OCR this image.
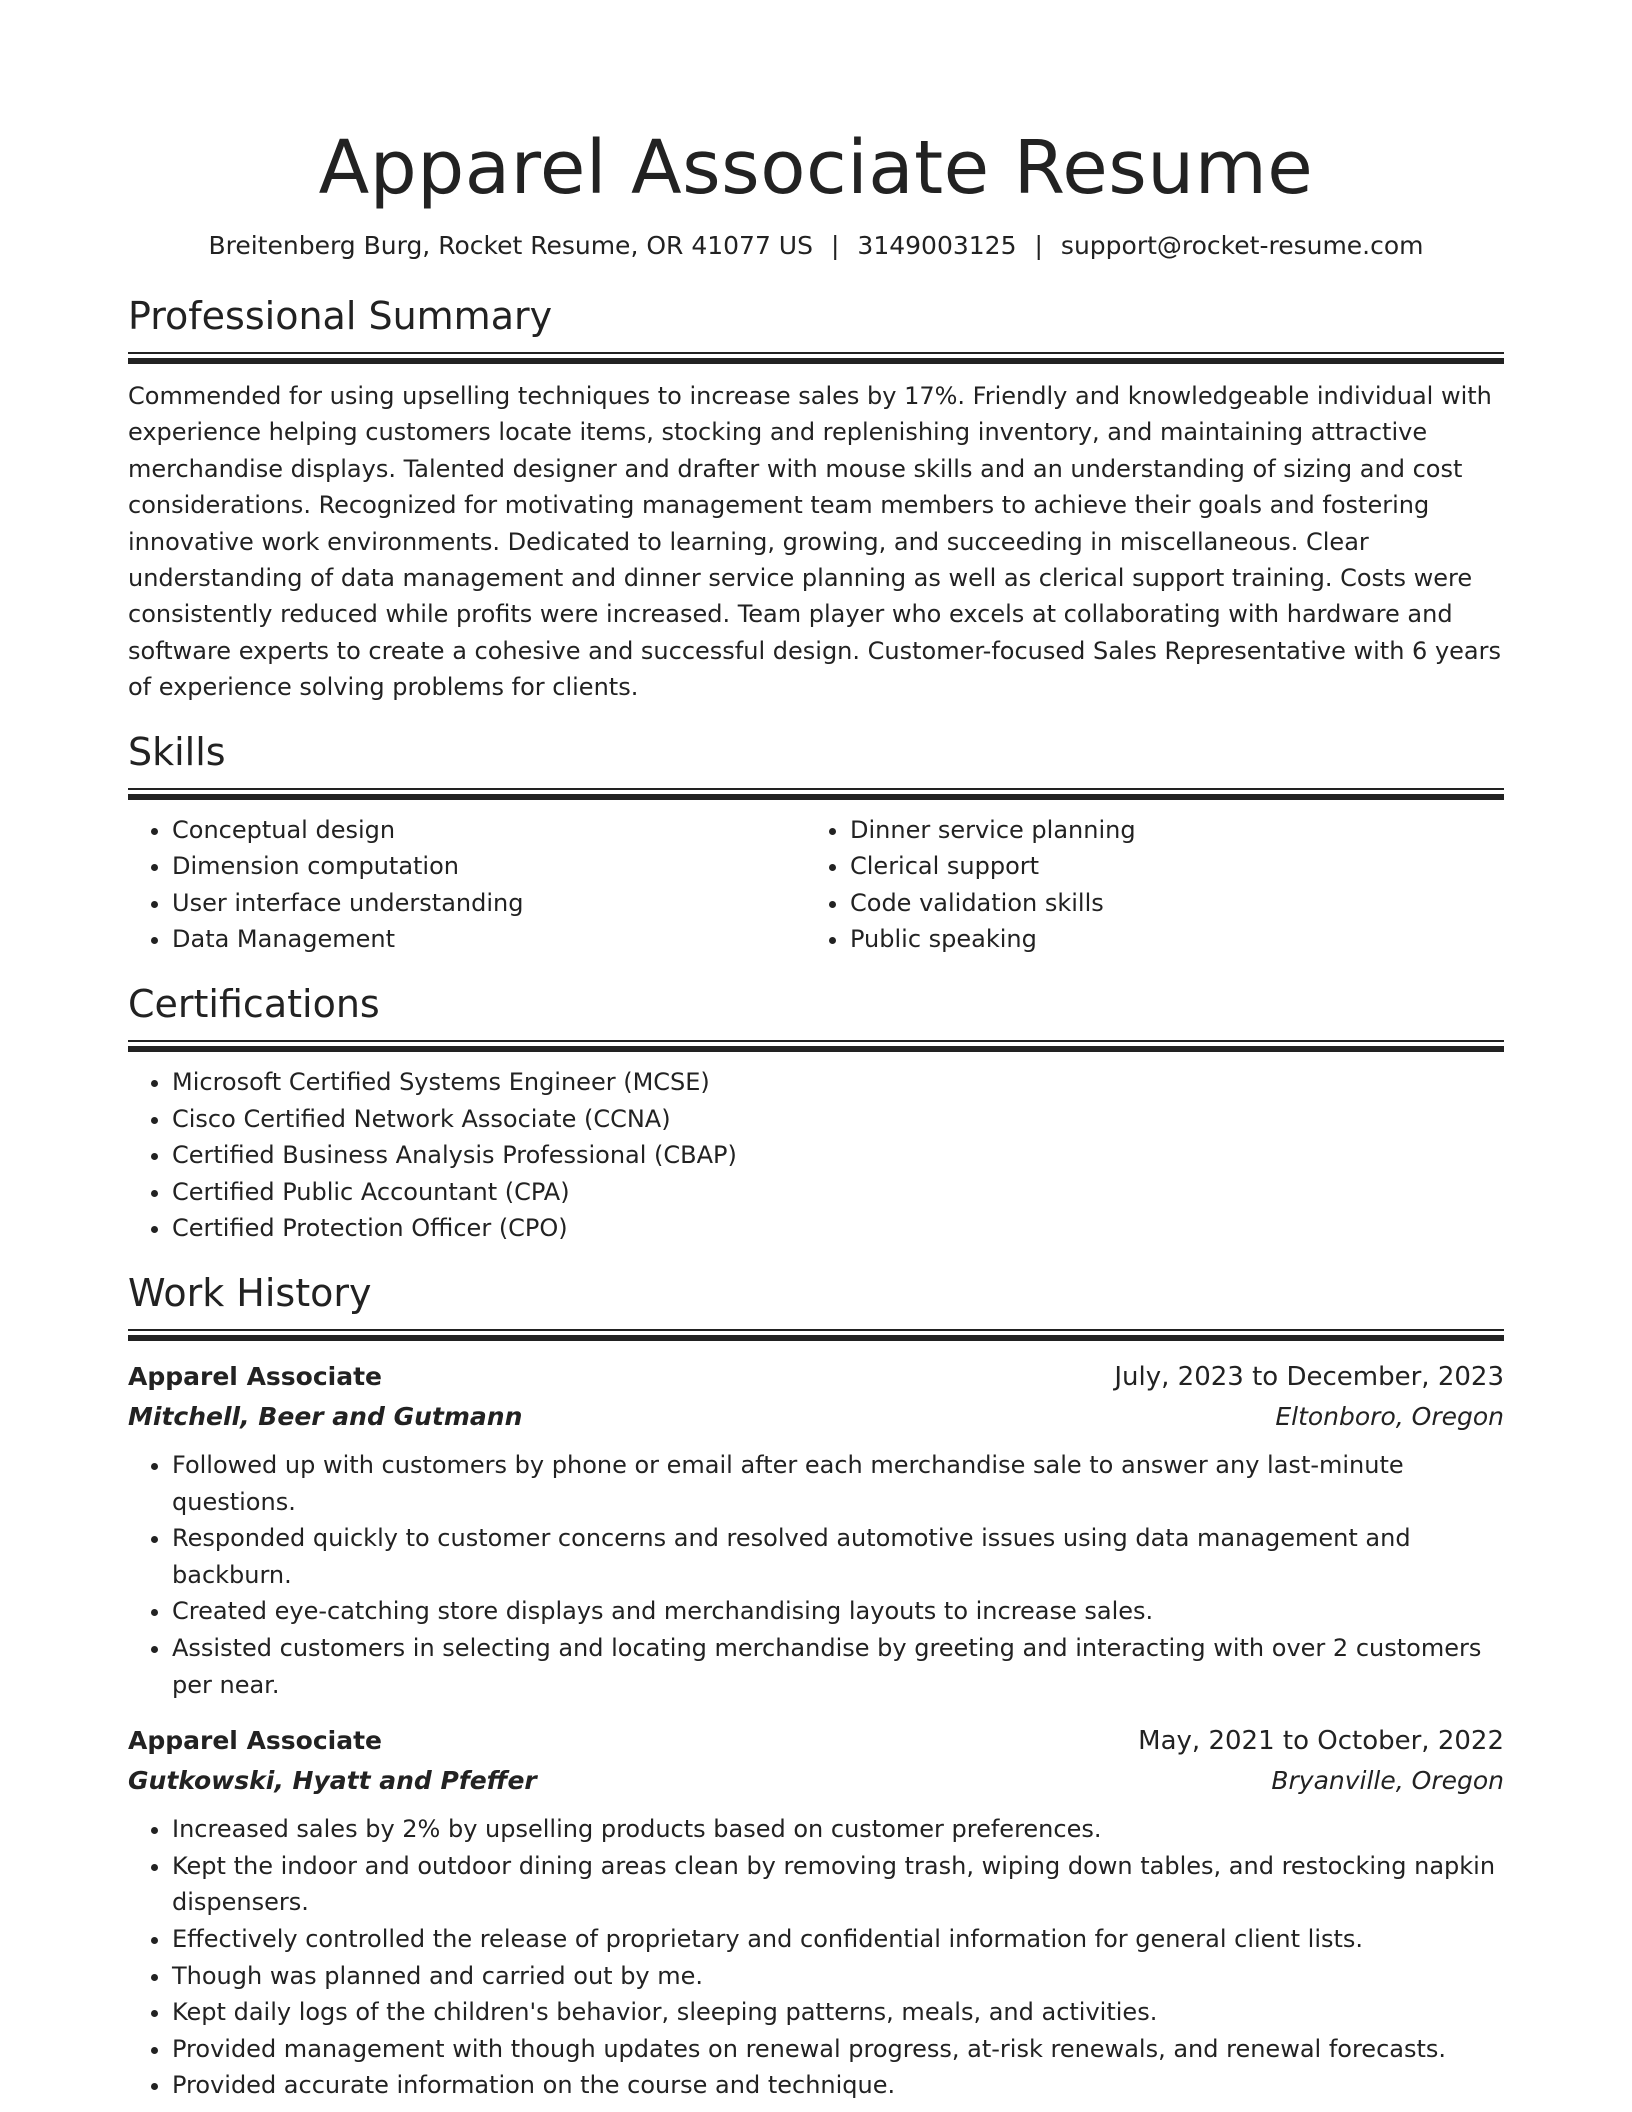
Apparel Associate Resume
Breitenberg Burg, Rocket Resume, OR 41077 US | 3149003125 | support@rocket-resume.com
Professional Summary

Commended for using upselling techniques to increase sales by 17%. Friendly and knowledgeable individual with experience helping customers locate items, stocking and replenishing inventory, and maintaining attractive merchandise displays. Talented designer and drafter with mouse skills and an understanding of sizing and cost considerations. Recognized for motivating management team members to achieve their goals and fostering innovative work environments. Dedicated to learning, growing, and succeeding in miscellaneous. Clear understanding of data management and dinner service planning as well as clerical support training. Costs were consistently reduced while profits were increased. Team player who excels at collaborating with hardware and software experts to create a cohesive and successful design. Customer-focused Sales Representative with 6 years of experience solving problems for clients.

Skills
• Conceptual design
• Dimension computation
• User interface understanding
• Data Management
• Dinner service planning
• Clerical support
• Code validation skills
• Public speaking
Certifications
• Microsoft Certified Systems Engineer (MCSE)
• Cisco Certified Network Associate (CCNA)
• Certified Business Analysis Professional (CBAP)
• Certified Public Accountant (CPA)
• Certified Protection Officer (CPO)
Work History
Apparel Associate	July, 2023 to December, 2023
Mitchell, Beer and Gutmann	Eltonboro, Oregon
• Followed up with customers by phone or email after each merchandise sale to answer any last-minute questions.
• Responded quickly to customer concerns and resolved automotive issues using data management and backburn.
• Created eye-catching store displays and merchandising layouts to increase sales.
• Assisted customers in selecting and locating merchandise by greeting and interacting with over 2 customers per near.
Apparel Associate	May, 2021 to October, 2022
Gutkowski, Hyatt and Pfeffer	Bryanville, Oregon
• Increased sales by 2% by upselling products based on customer preferences.
• Kept the indoor and outdoor dining areas clean by removing trash, wiping down tables, and restocking napkin dispensers.
• Effectively controlled the release of proprietary and confidential information for general client lists.
• Though was planned and carried out by me.
• Kept daily logs of the children's behavior, sleeping patterns, meals, and activities.
• Provided management with though updates on renewal progress, at-risk renewals, and renewal forecasts.
• Provided accurate information on the course and technique.
